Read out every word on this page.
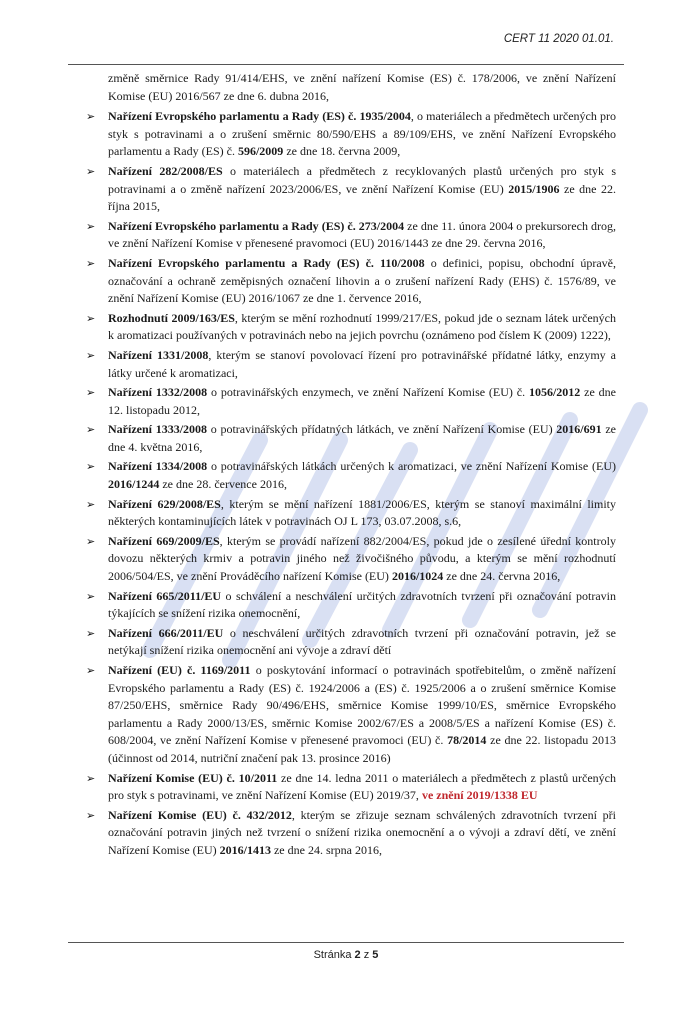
CERT 11 2020 01.01.
změně směrnice Rady 91/414/EHS, ve znění nařízení Komise (ES) č. 178/2006, ve znění Nařízení Komise (EU) 2016/567 ze dne 6. dubna 2016,
➢ Nařízení Evropského parlamentu a Rady (ES) č. 1935/2004, o materiálech a předmětech určených pro styk s potravinami a o zrušení směrnic 80/590/EHS a 89/109/EHS, ve znění Nařízení Evropského parlamentu a Rady (ES) č. 596/2009 ze dne 18. června 2009,
➢ Nařízení 282/2008/ES o materiálech a předmětech z recyklovaných plastů určených pro styk s potravinami a o změně nařízení 2023/2006/ES, ve znění Nařízení Komise (EU) 2015/1906 ze dne 22. října 2015,
➢ Nařízení Evropského parlamentu a Rady (ES) č. 273/2004 ze dne 11. února 2004 o prekursorech drog, ve znění Nařízení Komise v přenesené pravomoci (EU) 2016/1443 ze dne 29. června 2016,
➢ Nařízení Evropského parlamentu a Rady (ES) č. 110/2008 o definici, popisu, obchodní úpravě, označování a ochraně zeměpisných označení lihovin a o zrušení nařízení Rady (EHS) č. 1576/89, ve znění Nařízení Komise (EU) 2016/1067 ze dne 1. července 2016,
➢ Rozhodnutí 2009/163/ES, kterým se mění rozhodnutí 1999/217/ES, pokud jde o seznam látek určených k aromatizaci používaných v potravinách nebo na jejich povrchu (oznámeno pod číslem K (2009) 1222),
➢ Nařízení 1331/2008, kterým se stanoví povolovací řízení pro potravinářské přídatné látky, enzymy a látky určené k aromatizaci,
➢ Nařízení 1332/2008 o potravinářských enzymech, ve znění Nařízení Komise (EU) č. 1056/2012 ze dne 12. listopadu 2012,
➢ Nařízení 1333/2008 o potravinářských přídatných látkách, ve znění Nařízení Komise (EU) 2016/691 ze dne 4. května 2016,
➢ Nařízení 1334/2008 o potravinářských látkách určených k aromatizaci, ve znění Nařízení Komise (EU) 2016/1244 ze dne 28. července 2016,
➢ Nařízení 629/2008/ES, kterým se mění nařízení 1881/2006/ES, kterým se stanoví maximální limity některých kontaminujících látek v potravinách OJ L 173, 03.07.2008, s.6,
➢ Nařízení 669/2009/ES, kterým se provádí nařízení 882/2004/ES, pokud jde o zesílené úřední kontroly dovozu některých krmiv a potravin jiného než živočišného původu, a kterým se mění rozhodnutí 2006/504/ES, ve znění Prováděcího nařízení Komise (EU) 2016/1024 ze dne 24. června 2016,
➢ Nařízení 665/2011/EU o schválení a neschválení určitých zdravotních tvrzení při označování potravin týkajících se snížení rizika onemocnění,
➢ Nařízení 666/2011/EU o neschválení určitých zdravotních tvrzení při označování potravin, jež se netýkají snížení rizika onemocnění ani vývoje a zdraví dětí
➢ Nařízení (EU) č. 1169/2011 o poskytování informací o potravinách spotřebitelům, o změně nařízení Evropského parlamentu a Rady (ES) č. 1924/2006 a (ES) č. 1925/2006 a o zrušení směrnice Komise 87/250/EHS, směrnice Rady 90/496/EHS, směrnice Komise 1999/10/ES, směrnice Evropského parlamentu a Rady 2000/13/ES, směrnic Komise 2002/67/ES a 2008/5/ES a nařízení Komise (ES) č. 608/2004, ve znění Nařízení Komise v přenesené pravomoci (EU) č. 78/2014 ze dne 22. listopadu 2013 (účinnost od 2014, nutriční značení pak 13. prosince 2016)
➢ Nařízení Komise (EU) č. 10/2011 ze dne 14. ledna 2011 o materiálech a předmětech z plastů určených pro styk s potravinami, ve znění Nařízení Komise (EU) 2019/37, ve znění 2019/1338 EU
➢ Nařízení Komise (EU) č. 432/2012, kterým se zřizuje seznam schválených zdravotních tvrzení při označování potravin jiných než tvrzení o snížení rizika onemocnění a o vývoji a zdraví dětí, ve znění Nařízení Komise (EU) 2016/1413 ze dne 24. srpna 2016,
Stránka 2 z 5
